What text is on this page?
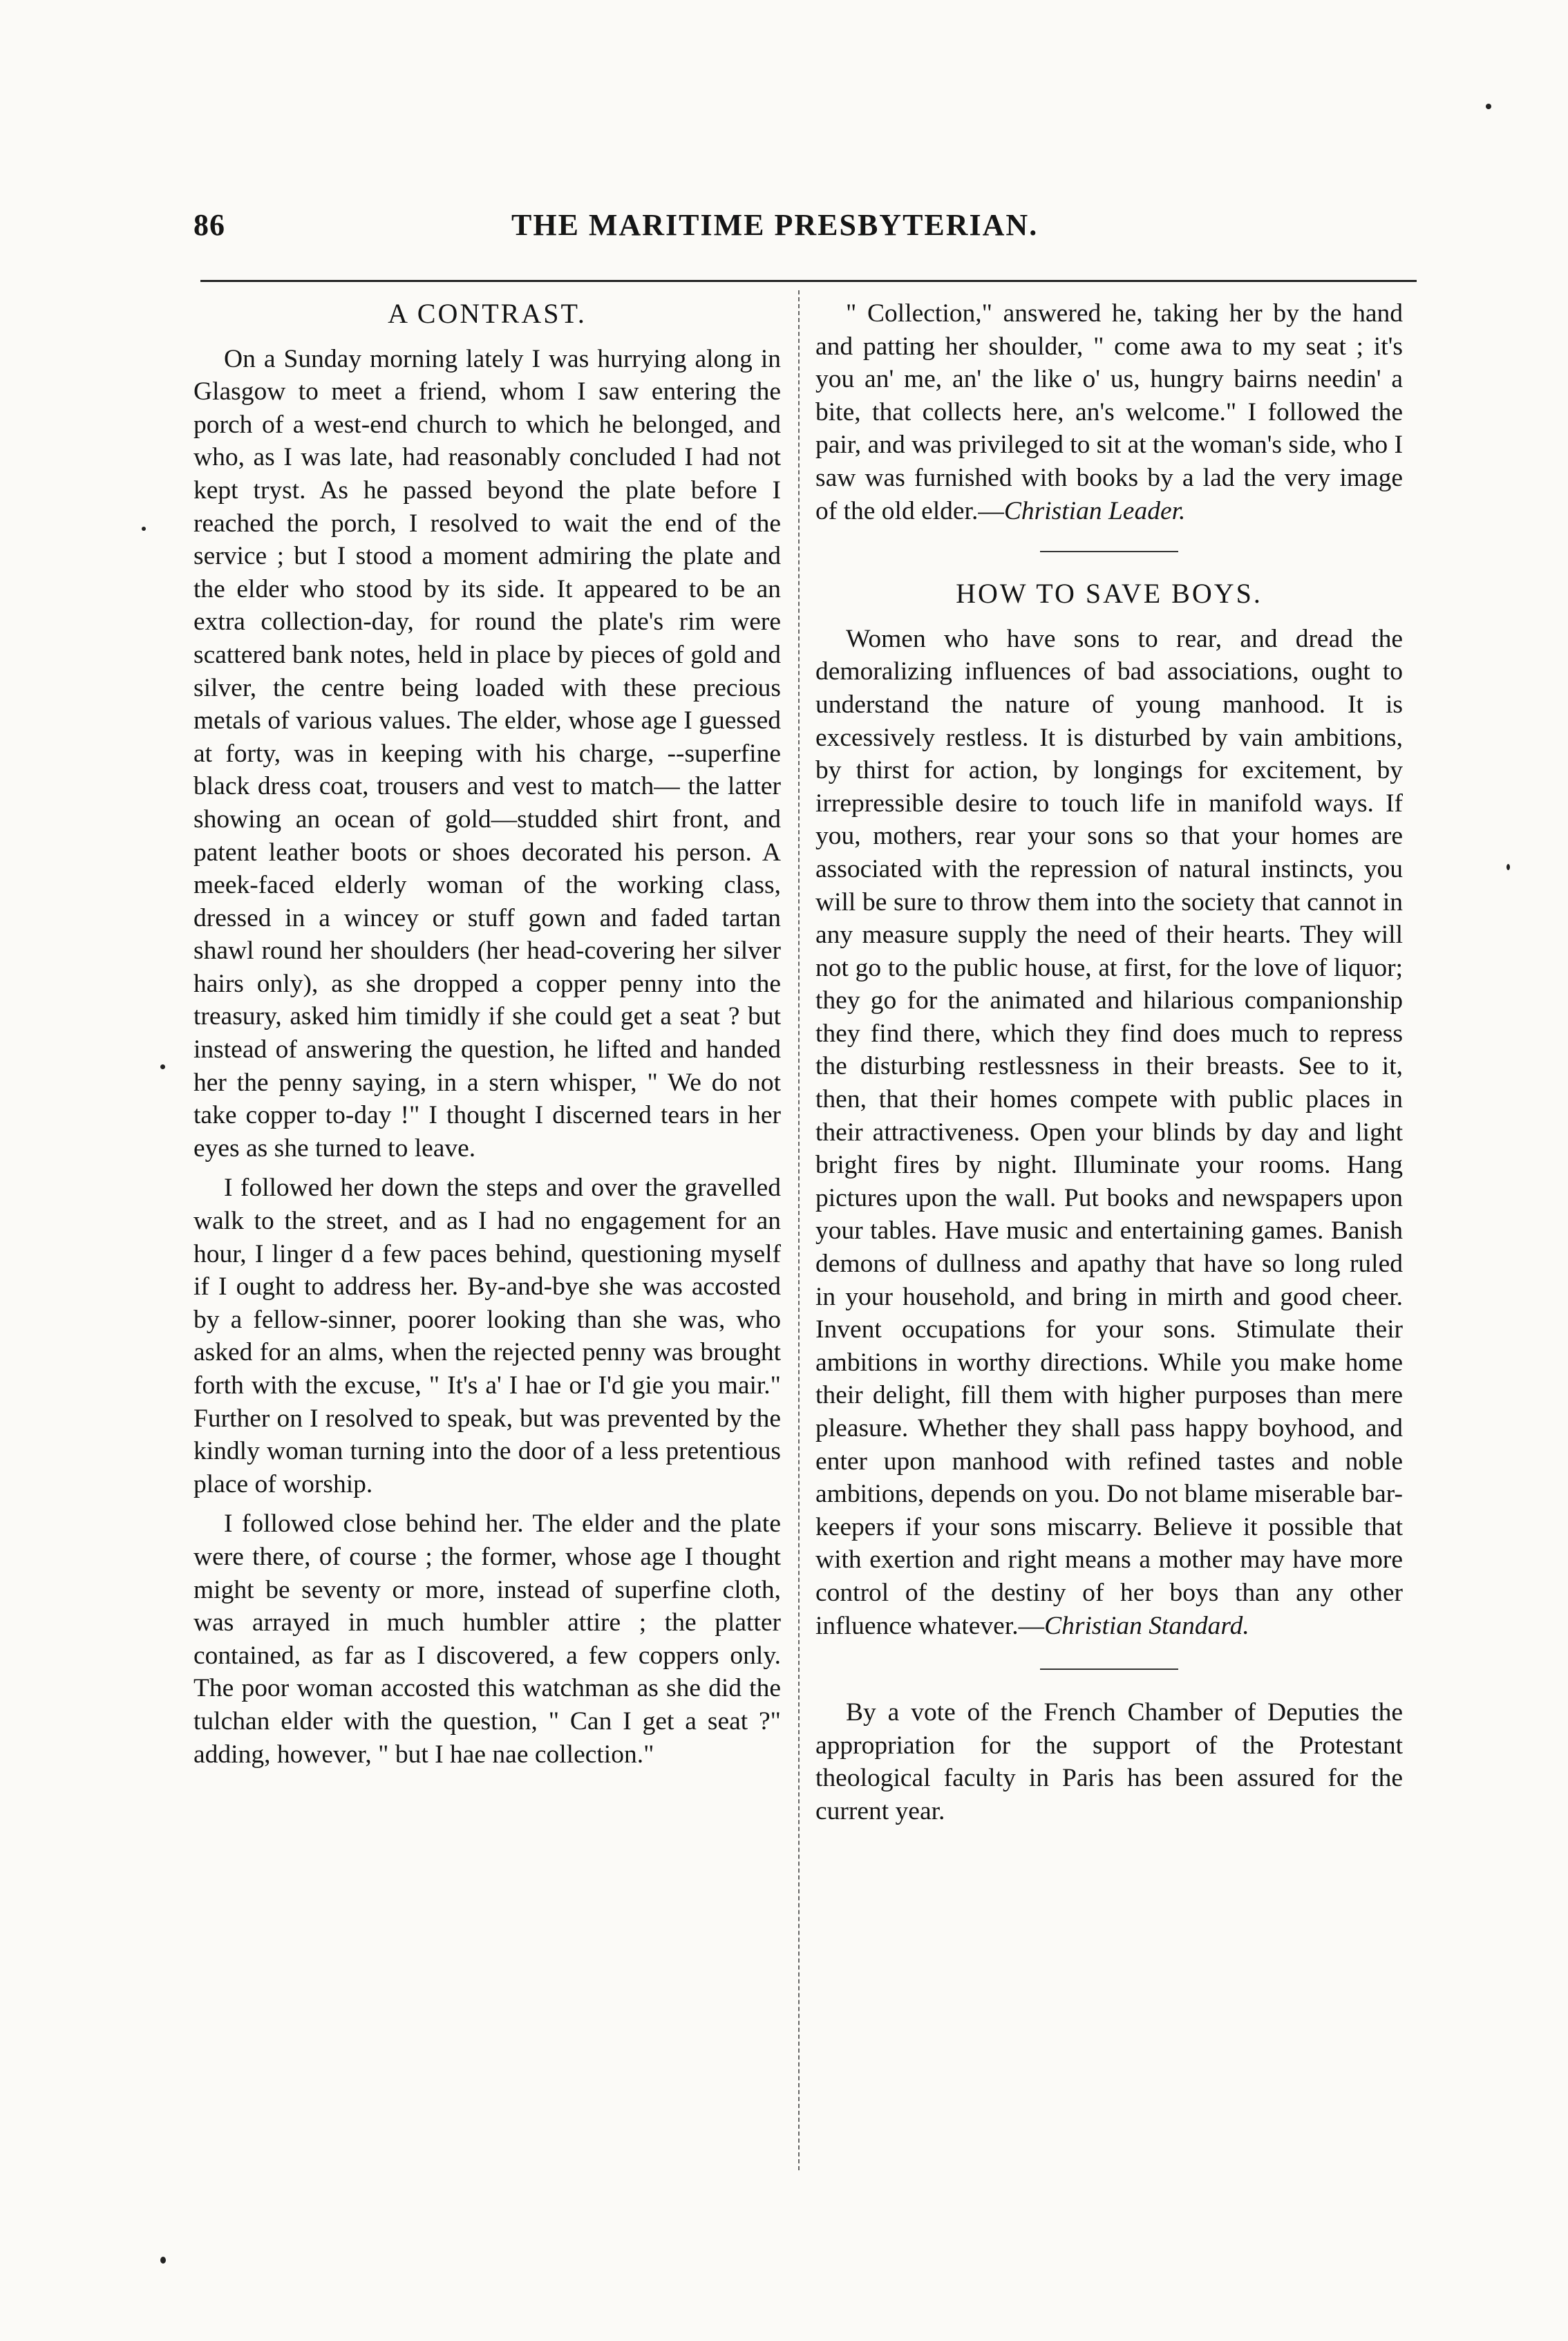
86	THE MARITIME PRESBYTERIAN.
A CONTRAST.

On a Sunday morning lately I was hurrying along in Glasgow to meet a friend, whom I saw entering the porch of a west-end church to which he belonged, and who, as I was late, had reasonably concluded I had not kept tryst. As he passed beyond the plate before I reached the porch, I resolved to wait the end of the service ; but I stood a moment admiring the plate and the elder who stood by its side. It appeared to be an extra collection-day, for round the plate's rim were scattered bank notes, held in place by pieces of gold and silver, the centre being loaded with these precious metals of various values. The elder, whose age I guessed at forty, was in keeping with his charge, --superfine black dress coat, trousers and vest to match— the latter showing an ocean of gold—studded shirt front, and patent leather boots or shoes decorated his person. A meek-faced elderly woman of the working class, dressed in a wincey or stuff gown and faded tartan shawl round her shoulders (her head-covering her silver hairs only), as she dropped a copper penny into the treasury, asked him timidly if she could get a seat ? but instead of answering the question, he lifted and handed her the penny saying, in a stern whisper, " We do not take copper to-day !" I thought I discerned tears in her eyes as she turned to leave.

I followed her down the steps and over the gravelled walk to the street, and as I had no engagement for an hour, I linger d a few paces behind, questioning myself if I ought to address her. By-and-bye she was accosted by a fellow-sinner, poorer looking than she was, who asked for an alms, when the rejected penny was brought forth with the excuse, " It's a' I hae or I'd gie you mair." Further on I resolved to speak, but was prevented by the kindly woman turning into the door of a less pretentious place of worship.

I followed close behind her. The elder and the plate were there, of course ; the former, whose age I thought might be seventy or more, instead of superfine cloth, was arrayed in much humbler attire ; the platter contained, as far as I discovered, a few coppers only. The poor woman accosted this watchman as she did the tulchan elder with the question, " Can I get a seat ?" adding, however, " but I hae nae collection."

" Collection," answered he, taking her by the hand and patting her shoulder, " come awa to my seat ; it's you an' me, an' the like o' us, hungry bairns needin' a bite, that collects here, an's welcome." I followed the pair, and was privileged to sit at the woman's side, who I saw was furnished with books by a lad the very image of the old elder.—Christian Leader.

HOW TO SAVE BOYS.

Women who have sons to rear, and dread the demoralizing influences of bad associations, ought to understand the nature of young manhood. It is excessively restless. It is disturbed by vain ambitions, by thirst for action, by longings for excitement, by irrepressible desire to touch life in manifold ways. If you, mothers, rear your sons so that your homes are associated with the repression of natural instincts, you will be sure to throw them into the society that cannot in any measure supply the need of their hearts. They will not go to the public house, at first, for the love of liquor; they go for the animated and hilarious companionship they find there, which they find does much to repress the disturbing restlessness in their breasts. See to it, then, that their homes compete with public places in their attractiveness. Open your blinds by day and light bright fires by night. Illuminate your rooms. Hang pictures upon the wall. Put books and newspapers upon your tables. Have music and entertaining games. Banish demons of dullness and apathy that have so long ruled in your household, and bring in mirth and good cheer. Invent occupations for your sons. Stimulate their ambitions in worthy directions. While you make home their delight, fill them with higher purposes than mere pleasure. Whether they shall pass happy boyhood, and enter upon manhood with refined tastes and noble ambitions, depends on you. Do not blame miserable bar-keepers if your sons miscarry. Believe it possible that with exertion and right means a mother may have more control of the destiny of her boys than any other influence whatever.—Christian Standard.

By a vote of the French Chamber of Deputies the appropriation for the support of the Protestant theological faculty in Paris has been assured for the current year.
